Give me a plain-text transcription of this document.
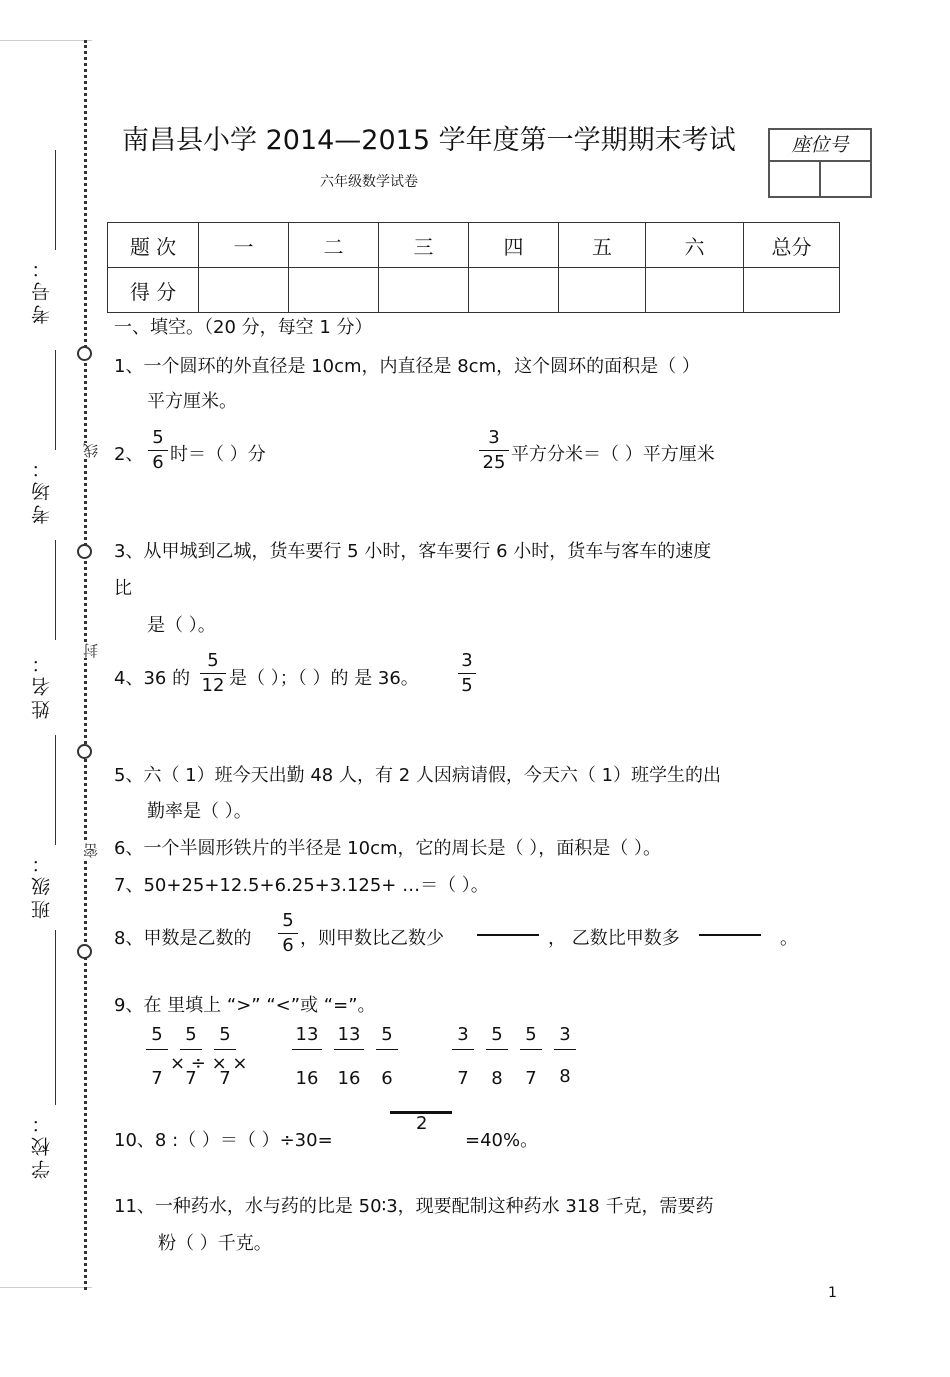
线
封
密
考号：
考场：
姓名：
班级：
学校：
南昌县小学 2014—2015 学年度第一学期期末考试
六年级数学试卷
座位号
题 次	一	二	三	四	五	六	总分
得 分							
一、填空。（20 分，每空 1 分）
1、一个圆环的外直径是 10cm，内直径是 8cm，这个圆环的面积是（ ）
平方厘米。
2、
5
6 时＝（ ）分
3
25 平方分米＝（ ）平方厘米
3、从甲城到乙城，货车要行 5 小时，客车要行 6 小时，货车与客车的速度
比
是（ ）。
4、36 的
5
12 是（ ）；（ ）的 是 36。
3
5
5、六（ 1）班今天出勤 48 人，有 2 人因病请假，今天六（ 1）班学生的出
勤率是（ ）。
6、一个半圆形铁片的半径是 10cm，它的周长是（ ），面积是（ ）。
7、50+25+12.5+6.25+3.125+ …＝（ ）。
8、甲数是乙数的
5
6 ，则甲数比乙数少	， 乙数比甲数多	。
9、在 里填上 “>” “<”或 “=”。
× ÷ × ×
5
7
5
7
5
7
13
16
13
16
5
6
3
7
5
8
5
7
3
8
10、8 :（ ）＝（ ）÷30=
2
=40%。
11、一种药水，水与药的比是 50∶3，现要配制这种药水 318 千克，需要药
粉（ ）千克。
1
